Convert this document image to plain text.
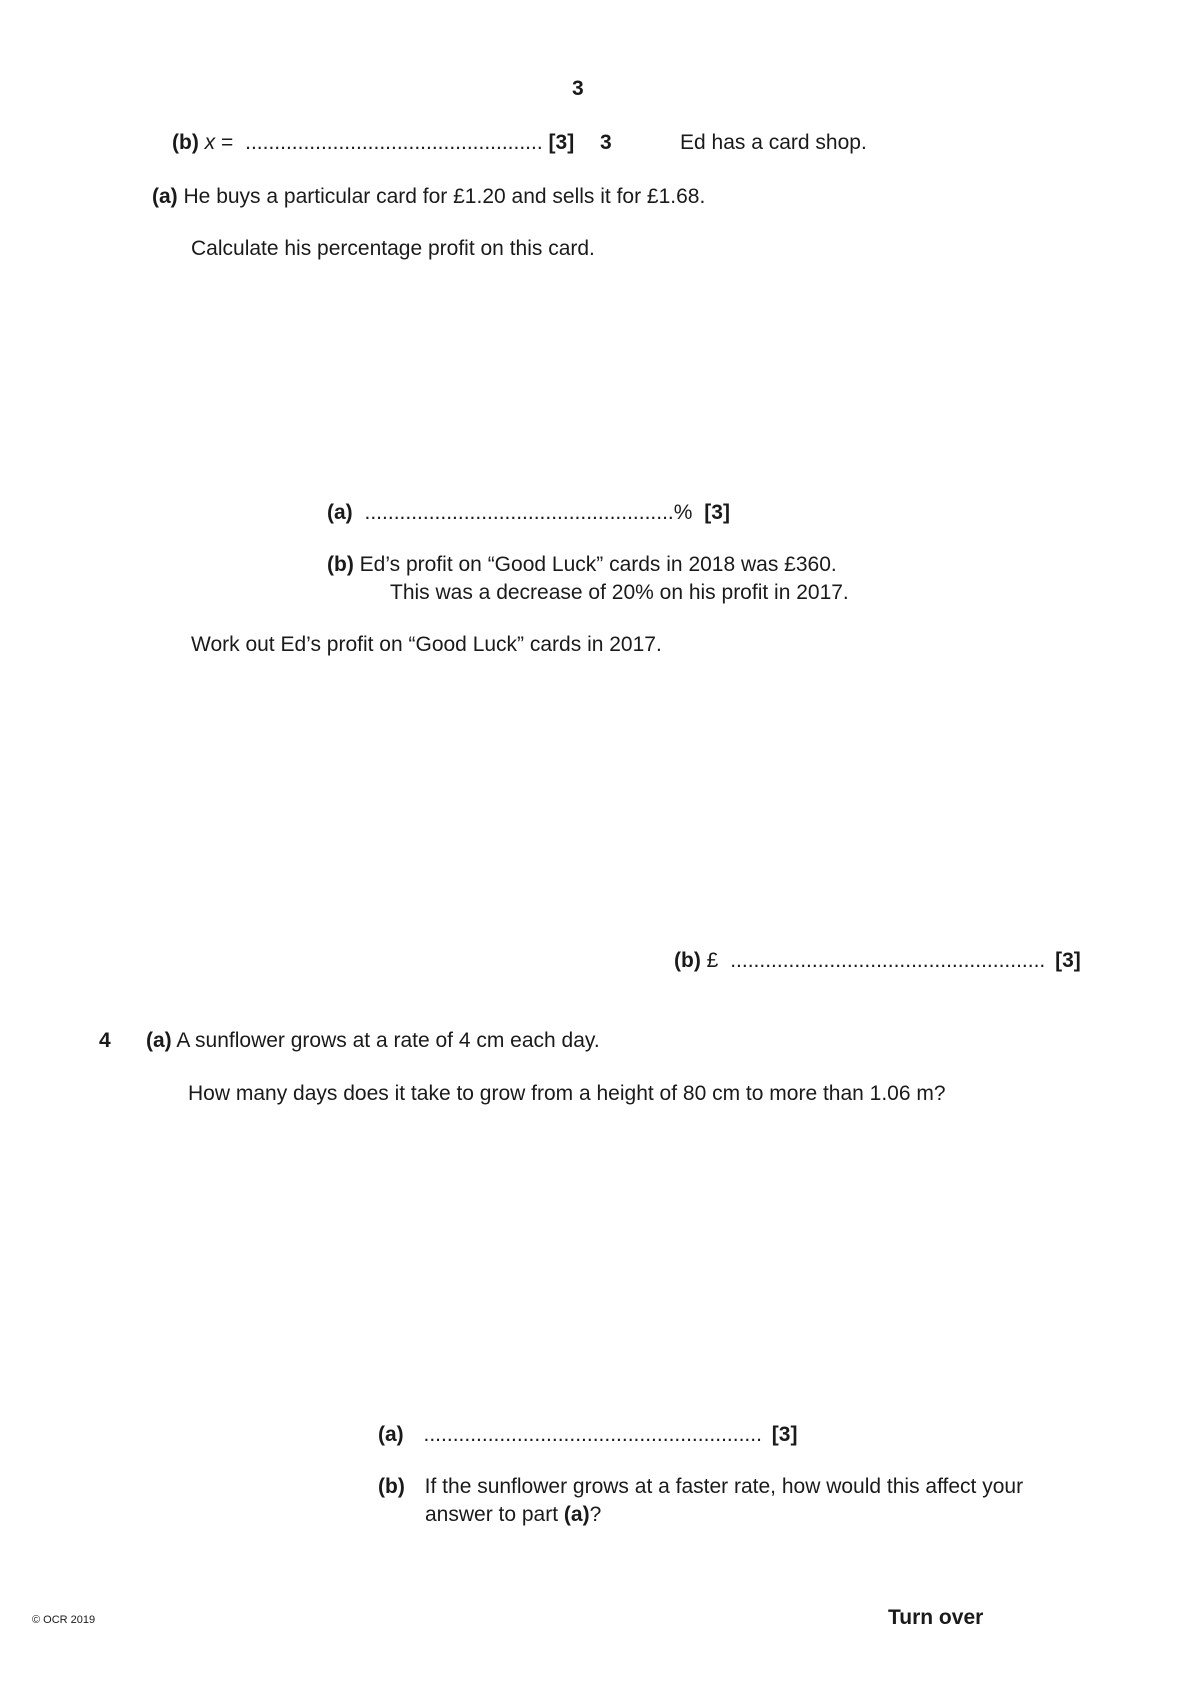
3
(b) x = ................................................... [3] 3	Ed has a card shop.
(a) He buys a particular card for £1.20 and sells it for £1.68.
Calculate his percentage profit on this card.
(a) .....................................................% [3]
(b) Ed’s profit on “Good Luck” cards in 2018 was £360.
This was a decrease of 20% on his profit in 2017.
Work out Ed’s profit on “Good Luck” cards in 2017.
(b) £ ...................................................... [3]
4 (a) A sunflower grows at a rate of 4 cm each day.
How many days does it take to grow from a height of 80 cm to more than 1.06 m?
(a) .......................................................... [3]
(b) If the sunflower grows at a faster rate, how would this affect your
answer to part (a)?
© OCR 2019	Turn over
